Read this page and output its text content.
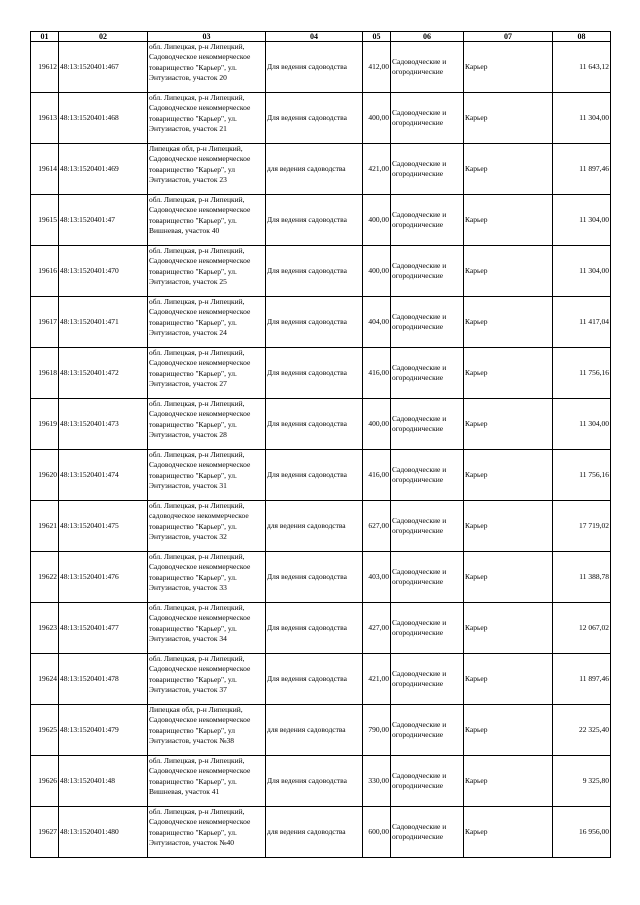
01	02	03	04	05	06	07	08
19612	48:13:1520401:467	обл. Липецкая, р-н Липецкий, Садоводческое некоммерческое товарищество "Карьер", ул. Энтузиастов, участок 20	Для ведения садоводства	412,00	Садоводческие и огороднические	Карьер	11 643,12
19613	48:13:1520401:468	обл. Липецкая, р-н Липецкий, Садоводческое некоммерческое товарищество "Карьер", ул. Энтузиастов, участок 21	Для ведения садоводства	400,00	Садоводческие и огороднические	Карьер	11 304,00
19614	48:13:1520401:469	Липецкая обл, р-н Липецкий, Садоводческое некоммерческое товарищество "Карьер", ул Энтузиастов, участок 23	для ведения садоводства	421,00	Садоводческие и огороднические	Карьер	11 897,46
19615	48:13:1520401:47	обл. Липецкая, р-н Липецкий, Садоводческое некоммерческое товарищество "Карьер", ул. Вишневая, участок 40	Для ведения садоводства	400,00	Садоводческие и огороднические	Карьер	11 304,00
19616	48:13:1520401:470	обл. Липецкая, р-н Липецкий, Садоводческое некоммерческое товарищество "Карьер", ул. Энтузиастов, участок 25	Для ведения садоводства	400,00	Садоводческие и огороднические	Карьер	11 304,00
19617	48:13:1520401:471	обл. Липецкая, р-н Липецкий, Садоводческое некоммерческое товарищество "Карьер", ул. Энтузиастов, участок 24	Для ведения садоводства	404,00	Садоводческие и огороднические	Карьер	11 417,04
19618	48:13:1520401:472	обл. Липецкая, р-н Липецкий, Садоводческое некоммерческое товарищество "Карьер", ул. Энтузиастов, участок 27	Для ведения садоводства	416,00	Садоводческие и огороднические	Карьер	11 756,16
19619	48:13:1520401:473	обл. Липецкая, р-н Липецкий, Садоводческое некоммерческое товарищество "Карьер", ул. Энтузиастов, участок 28	Для ведения садоводства	400,00	Садоводческие и огороднические	Карьер	11 304,00
19620	48:13:1520401:474	обл. Липецкая, р-н Липецкий, Садоводческое некоммерческое товарищество "Карьер", ул. Энтузиастов, участок 31	Для ведения садоводства	416,00	Садоводческие и огороднические	Карьер	11 756,16
19621	48:13:1520401:475	обл. Липецкая, р-н Липецкий, садоводческое некоммерческое товарищество "Карьер", ул. Энтузиастов, участок 32	для ведения садоводства	627,00	Садоводческие и огороднические	Карьер	17 719,02
19622	48:13:1520401:476	обл. Липецкая, р-н Липецкий, Садоводческое некоммерческое товарищество "Карьер", ул. Энтузиастов, участок 33	Для ведения садоводства	403,00	Садоводческие и огороднические	Карьер	11 388,78
19623	48:13:1520401:477	обл. Липецкая, р-н Липецкий, Садоводческое некоммерческое товарищество "Карьер", ул. Энтузиастов, участок 34	Для ведения садоводства	427,00	Садоводческие и огороднические	Карьер	12 067,02
19624	48:13:1520401:478	обл. Липецкая, р-н Липецкий, Садоводческое некоммерческое товарищество "Карьер", ул. Энтузиастов, участок 37	Для ведения садоводства	421,00	Садоводческие и огороднические	Карьер	11 897,46
19625	48:13:1520401:479	Липецкая обл, р-н Липецкий, Садоводческое некоммерческое товарищество "Карьер", ул Энтузиастов, участок №38	для ведения садоводства	790,00	Садоводческие и огороднические	Карьер	22 325,40
19626	48:13:1520401:48	обл. Липецкая, р-н Липецкий, Садоводческое некоммерческое товарищество "Карьер", ул. Вишневая, участок 41	Для ведения садоводства	330,00	Садоводческие и огороднические	Карьер	9 325,80
19627	48:13:1520401:480	обл. Липецкая, р-н Липецкий, Садоводческое некоммерческое товарищество "Карьер", ул. Энтузиастов, участок №40	для ведения садоводства	600,00	Садоводческие и огороднические	Карьер	16 956,00
